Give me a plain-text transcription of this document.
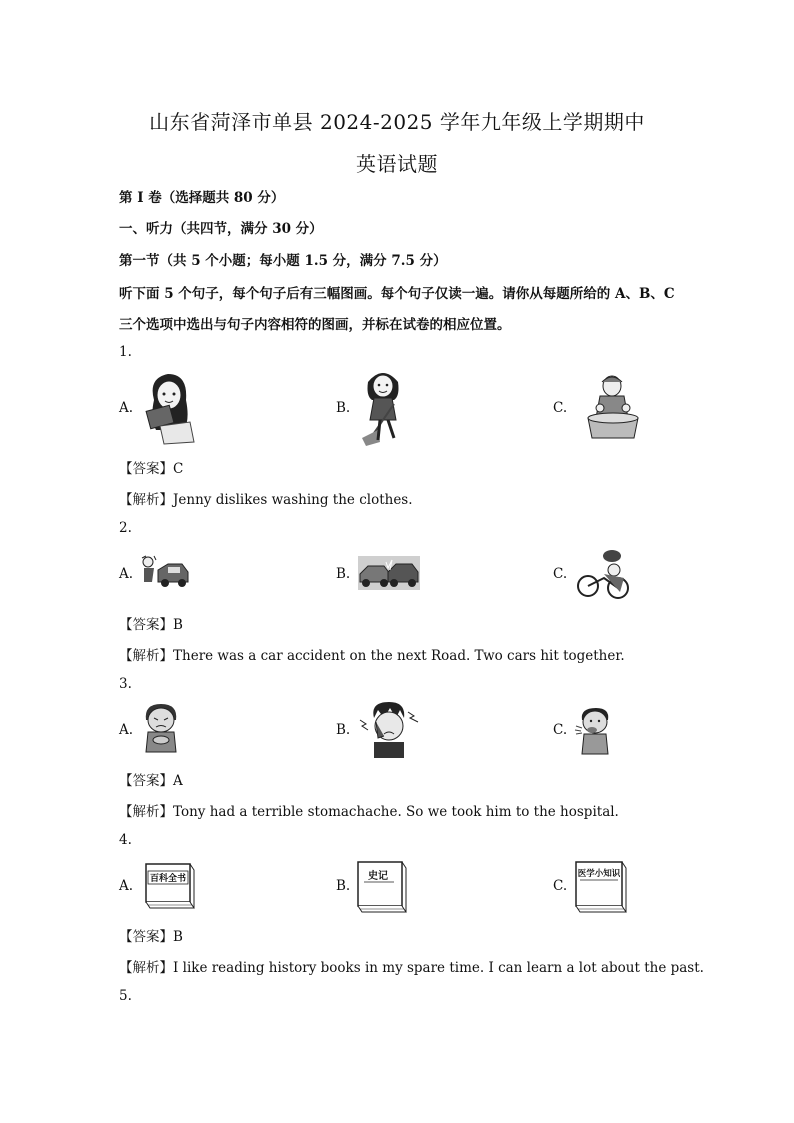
山东省菏泽市单县 2024-2025 学年九年级上学期期中
英语试题
第 I 卷（选择题共 80 分）
一、听力（共四节，满分 30 分）
第一节（共 5 个小题；每小题 1.5 分，满分 7.5 分）
听下面 5 个句子，每个句子后有三幅图画。每个句子仅读一遍。请你从每题所给的 A、B、C
三个选项中选出与句子内容相符的图画，并标在试卷的相应位置。
1.
A.	B.	C.
【答案】C
【解析】Jenny dislikes washing the clothes.
2.
A.	B.	C.
【答案】B
【解析】There was a car accident on the next Road. Two cars hit together.
3.
A.	B.	C.
【答案】A
【解析】Tony had a terrible stomachache. So we took him to the hospital.
4.
A.	B.	C.
百科全书	史记	医学小知识
【答案】B
【解析】I like reading history books in my spare time. I can learn a lot about the past.
5.
